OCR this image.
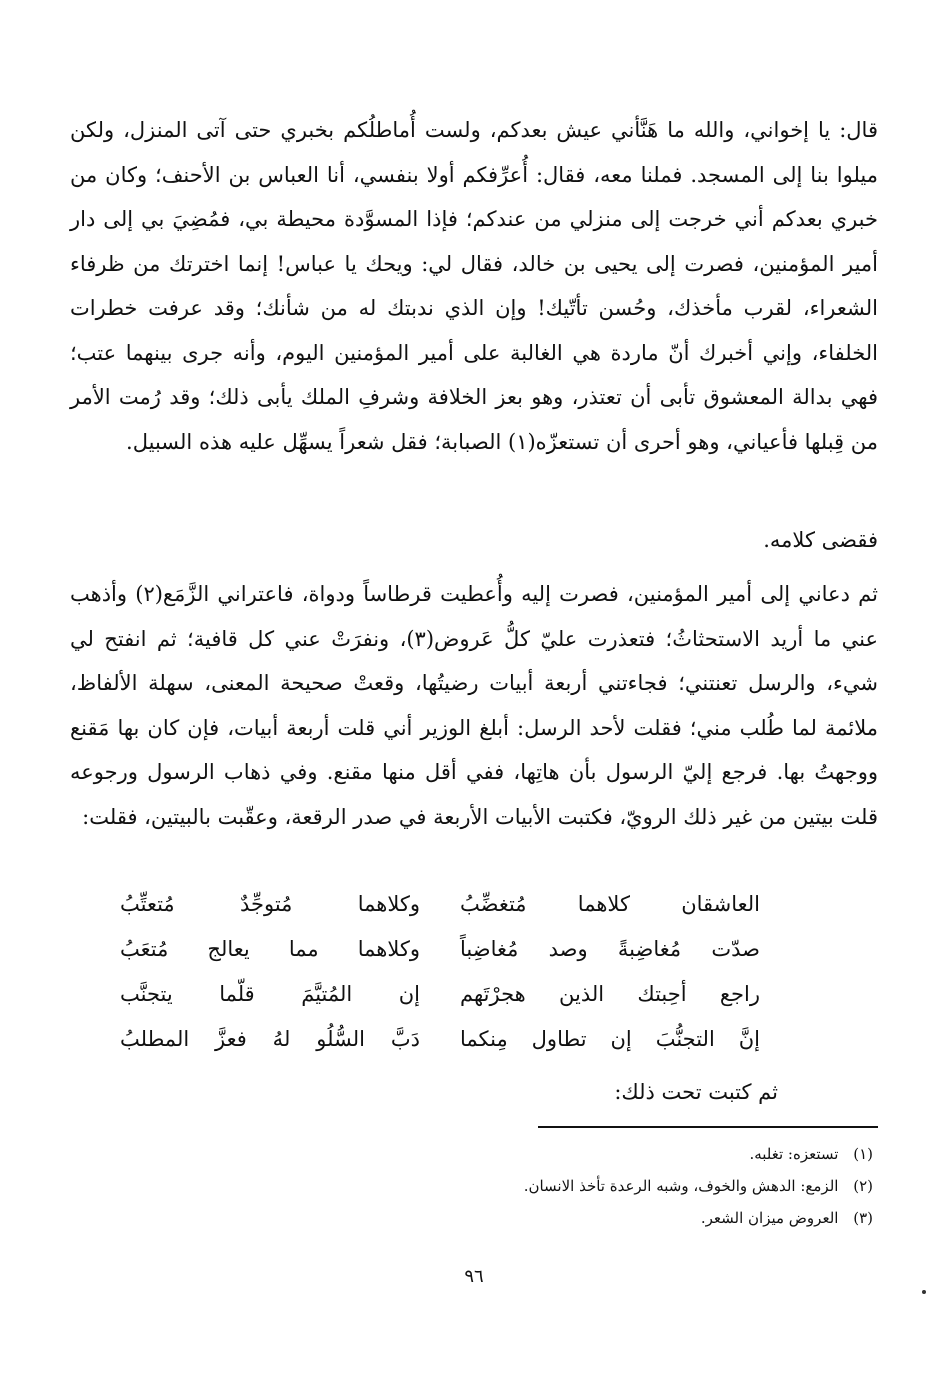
قال: يا إخواني، والله ما هَنَّأني عيش بعدكم، ولست أُماطلُكم بخبري حتى آتى المنزل، ولكن ميلوا بنا إلى المسجد. فملنا معه، فقال: أُعرِّفكم أولا بنفسي، أنا العباس بن الأحنف؛ وكان من خبري بعدكم أني خرجت إلى منزلي من عندكم؛ فإذا المسوَّدة محيطة بي، فمُضِيَ بي إلى دار أمير المؤمنين، فصرت إلى يحيى بن خالد، فقال لي: ويحك يا عباس! إنما اخترتك من ظرفاء الشعراء، لقرب مأخذك، وحُسن تأتّيك! وإن الذي ندبتك له من شأنك؛ وقد عرفت خطرات الخلفاء، وإني أخبرك أنّ ماردة هي الغالبة على أمير المؤمنين اليوم، وأنه جرى بينهما عتب؛ فهي بدالة المعشوق تأبى أن تعتذر، وهو بعز الخلافة وشرفِ الملك يأبى ذلك؛ وقد رُمت الأمر من قِبلها فأعياني، وهو أحرى أن تستعزّه(١) الصبابة؛ فقل شعراً يسهِّل عليه هذه السبيل.

فقضى كلامه.

ثم دعاني إلى أمير المؤمنين، فصرت إليه وأُعطيت قرطاساً ودواة، فاعتراني الزَّمَع(٢) وأذهب عني ما أريد الاستحثاثُ؛ فتعذرت عليّ كلُّ عَروض(٣)، ونفرَتْ عني كل قافية؛ ثم انفتح لي شيء، والرسل تعنتني؛ فجاءتني أربعة أبيات رضيتُها، وقعتْ صحيحة المعنى، سهلة الألفاظ، ملائمة لما طُلب مني؛ فقلت لأحد الرسل: أبلغ الوزير أني قلت أربعة أبيات، فإن كان بها مَقنع ووجهتُ بها. فرجع إليّ الرسول بأن هاتِها، ففي أقل منها مقنع. وفي ذهاب الرسول ورجوعه قلت بيتين من غير ذلك الرويّ، فكتبت الأبيات الأربعة في صدر الرقعة، وعقّبت بالبيتين، فقلت:

العاشقان كلاهما مُتغضِّبُ
وكلاهما مُتوجِّدٌ مُتعتِّبُ
صدّت مُغاضِبةً وصد مُغاضِباً
وكلاهما مما يعالج مُتعَبُ
راجع أحِبتك الذين هجرْتَهم
إن المُتيَّمَ قلّما يتجنَّب
إنَّ التجنُّبَ إن تطاول مِنكما
دَبَّ السُّلُو لهُ فعزَّ المطلبُ
ثم كتبت تحت ذلك:
(١) تستعزه: تغلبه.
(٢) الزمع: الدهش والخوف، وشبه الرعدة تأخذ الانسان.
(٣) العروض ميزان الشعر.
٩٦
